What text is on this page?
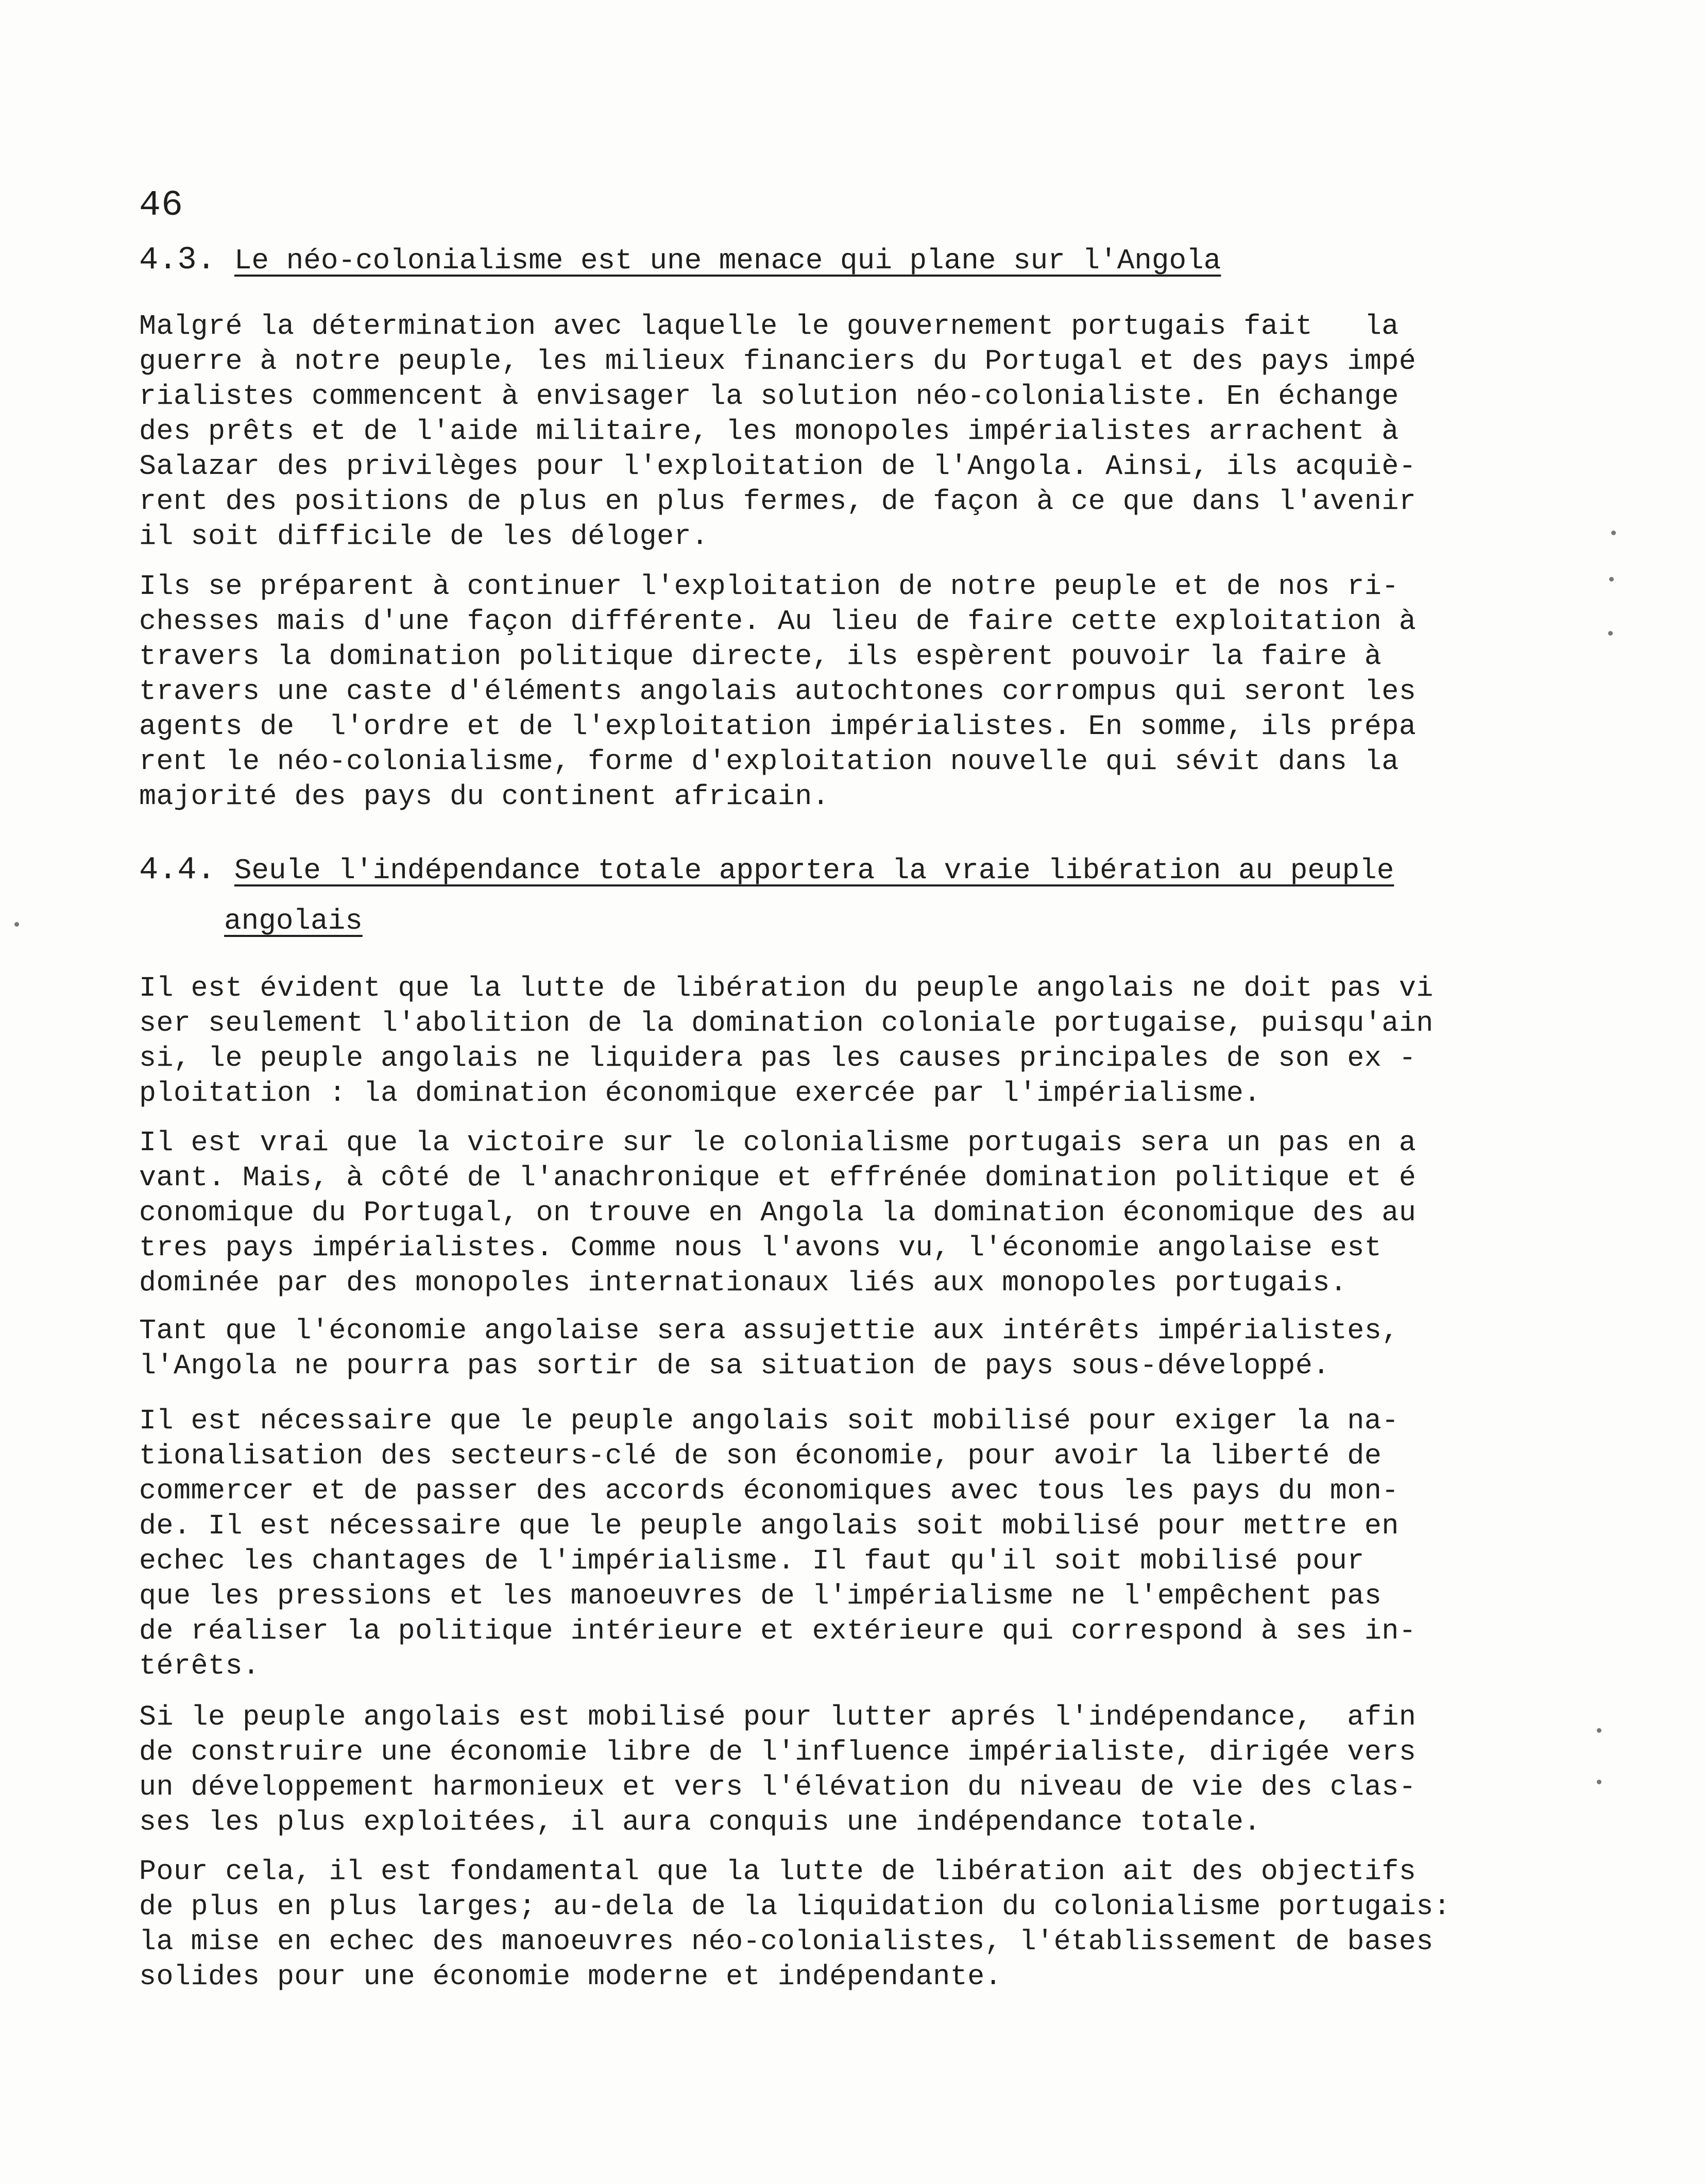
46
4.3. Le néo-colonialisme est une menace qui plane sur l'Angola
Malgré la détermination avec laquelle le gouvernement portugais fait   la
guerre à notre peuple, les milieux financiers du Portugal et des pays impé
rialistes commencent à envisager la solution néo-colonialiste. En échange
des prêts et de l'aide militaire, les monopoles impérialistes arrachent à
Salazar des privilèges pour l'exploitation de l'Angola. Ainsi, ils acquiè-
rent des positions de plus en plus fermes, de façon à ce que dans l'avenir
il soit difficile de les déloger.
Ils se préparent à continuer l'exploitation de notre peuple et de nos ri-
chesses mais d'une façon différente. Au lieu de faire cette exploitation à
travers la domination politique directe, ils espèrent pouvoir la faire à
travers une caste d'éléments angolais autochtones corrompus qui seront les
agents de  l'ordre et de l'exploitation impérialistes. En somme, ils prépa
rent le néo-colonialisme, forme d'exploitation nouvelle qui sévit dans la
majorité des pays du continent africain.
4.4. Seule l'indépendance totale apportera la vraie libération au peuple
angolais
Il est évident que la lutte de libération du peuple angolais ne doit pas vi
ser seulement l'abolition de la domination coloniale portugaise, puisqu'ain
si, le peuple angolais ne liquidera pas les causes principales de son ex -
ploitation : la domination économique exercée par l'impérialisme.
Il est vrai que la victoire sur le colonialisme portugais sera un pas en a
vant. Mais, à côté de l'anachronique et effrénée domination politique et é
conomique du Portugal, on trouve en Angola la domination économique des au
tres pays impérialistes. Comme nous l'avons vu, l'économie angolaise est
dominée par des monopoles internationaux liés aux monopoles portugais.
Tant que l'économie angolaise sera assujettie aux intérêts impérialistes,
l'Angola ne pourra pas sortir de sa situation de pays sous-développé.
Il est nécessaire que le peuple angolais soit mobilisé pour exiger la na-
tionalisation des secteurs-clé de son économie, pour avoir la liberté de
commercer et de passer des accords économiques avec tous les pays du mon-
de. Il est nécessaire que le peuple angolais soit mobilisé pour mettre en
echec les chantages de l'impérialisme. Il faut qu'il soit mobilisé pour
que les pressions et les manoeuvres de l'impérialisme ne l'empêchent pas
de réaliser la politique intérieure et extérieure qui correspond à ses in-
térêts.
Si le peuple angolais est mobilisé pour lutter aprés l'indépendance,  afin
de construire une économie libre de l'influence impérialiste, dirigée vers
un développement harmonieux et vers l'élévation du niveau de vie des clas-
ses les plus exploitées, il aura conquis une indépendance totale.
Pour cela, il est fondamental que la lutte de libération ait des objectifs
de plus en plus larges; au-dela de la liquidation du colonialisme portugais:
la mise en echec des manoeuvres néo-colonialistes, l'établissement de bases
solides pour une économie moderne et indépendante.
